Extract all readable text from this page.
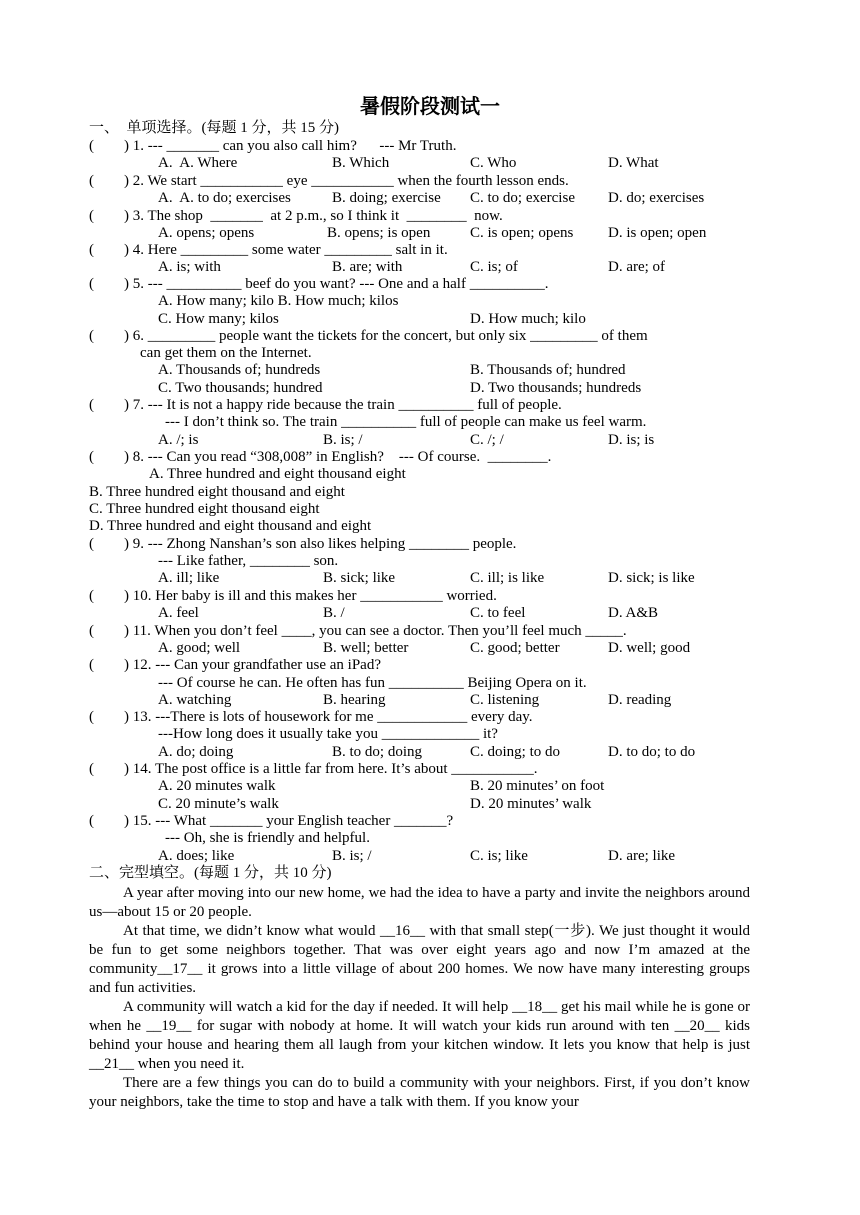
暑假阶段测试一
一、  单项选择。(每题 1 分，共 15 分)
(        ) 1. --- _______ can you also call him?      --- Mr Truth.
A.  A. Where	B. Which	C. Who	D. What
(        ) 2. We start ___________ eye ___________ when the fourth lesson ends.
A.  A. to do; exercises	B. doing; exercise C. to do; exercise D. do; exercises
(        ) 3. The shop  _______  at 2 p.m., so I think it  ________  now.
A. opens; opens	B. opens; is open	C. is open; opens D. is open; open
(        ) 4. Here _________ some water _________ salt in it.
A. is; with	B. are; with	C. is; of	D. are; of
(        ) 5. --- __________ beef do you want? --- One and a half __________.
A. How many; kilo B. How much; kilos
C. How many; kilos	D. How much; kilo
(        ) 6. _________ people want the tickets for the concert, but only six _________ of them
can get them on the Internet.
A. Thousands of; hundreds	B. Thousands of; hundred
C. Two thousands; hundred	D. Two thousands; hundreds
(        ) 7. --- It is not a happy ride because the train __________ full of people.
--- I don’t think so. The train __________ full of people can make us feel warm.
A. /; is	B. is; /	C. /; /	D. is; is
(        ) 8. --- Can you read “308,008” in English?    --- Of course.  ________.
A. Three hundred and eight thousand eight
B. Three hundred eight thousand and eight
C. Three hundred eight thousand eight
D. Three hundred and eight thousand and eight
(        ) 9. --- Zhong Nanshan’s son also likes helping ________ people.
--- Like father, ________ son.
A. ill; like	B. sick; like	C. ill; is like	D. sick; is like
(        ) 10. Her baby is ill and this makes her ___________ worried.
A. feel	B. /	C. to feel	D. A&B
(        ) 11. When you don’t feel ____, you can see a doctor. Then you’ll feel much _____.
A. good; well	B. well; better	C. good; better	D. well; good
(        ) 12. --- Can your grandfather use an iPad?
--- Of course he can. He often has fun __________ Beijing Opera on it.
A. watching	B. hearing	C. listening	D. reading
(        ) 13. ---There is lots of housework for me ____________ every day.
---How long does it usually take you _____________ it?
A. do; doing	B. to do; doing	C. doing; to do	D. to do; to do
(        ) 14. The post office is a little far from here. It’s about ___________.
A. 20 minutes walk	B. 20 minutes’ on foot
C. 20 minute’s walk	D. 20 minutes’ walk
(        ) 15. --- What _______ your English teacher _______?
--- Oh, she is friendly and helpful.
A. does; like	B. is; /	C. is; like	D. are; like
二、完型填空。(每题 1 分，共 10 分)

A year after moving into our new home, we had the idea to have a party and invite the neighbors around us—about 15 or 20 people.

At that time, we didn’t know what would __16__ with that small step(一步). We just thought it would be fun to get some neighbors together. That was over eight years ago and now I’m amazed at the community__17__ it grows into a little village of about 200 homes. We now have many interesting groups and fun activities.

A community will watch a kid for the day if needed. It will help __18__ get his mail while he is gone or when he __19__ for sugar with nobody at home. It will watch your kids run around with ten __20__ kids behind your house and hearing them all laugh from your kitchen window. It lets you know that help is just __21__ when you need it.

There are a few things you can do to build a community with your neighbors. First, if you don’t know your neighbors, take the time to stop and have a talk with them. If you know your
